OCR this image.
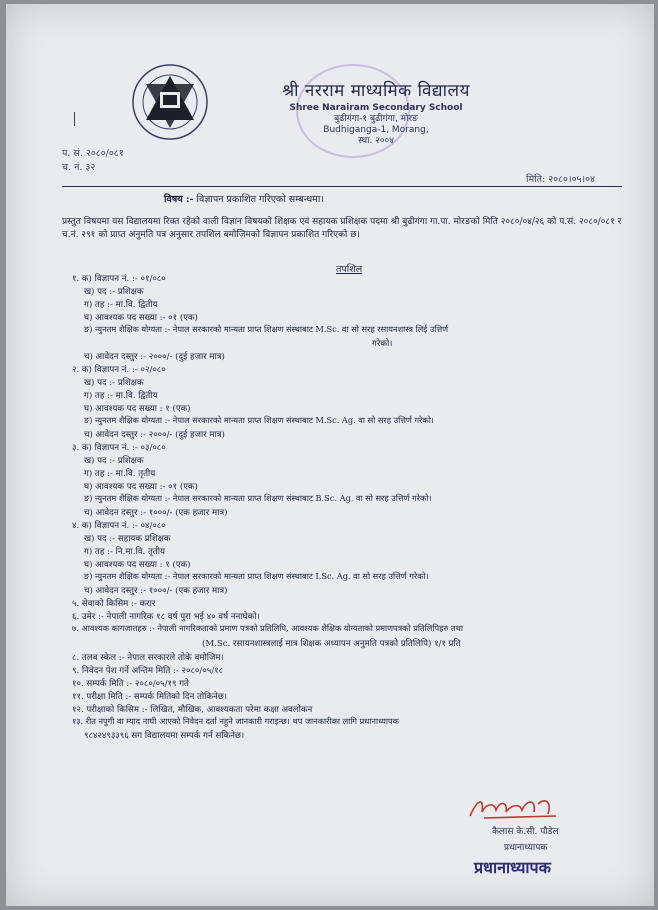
श्री नरराम माध्यमिक विद्यालय
Shree Narairam Secondary School
बुढीगंगा-१ बुढीगंगा, मोरङ
Budhiganga-1, Morang,
स्था. २००४
प. सं. २०८०/०८१
च. नं. ३२
मिति: २०८०।०५।०४
विषय :- विज्ञापन प्रकाशित गरिएको सम्बन्धमा।
प्रस्तुत विषयमा यस विद्यालयमा रिक्त रहेको वाली विज्ञान विषयको शिक्षक एवं सहायक प्रशिक्षक पदमा श्री बुढीगंगा गा.पा. मोरङको मिति २०८०/०४/२६ को प.सं. २०८०/०८१ र च.नं. २९१ को प्राप्त अनुमति पत्र अनुसार तपशिल बमोजिमको विज्ञापन प्रकाशित गरिएको छ।
तपशिल
१. क) विज्ञापन नं. :- ०१/०८०
ख) पद :- प्रशिक्षक
ग) तह :- मा.वि. द्वितीय
घ) आवश्यक पद सख्या :- ०१ (एक)
ङ) न्युनतम शैक्षिक योग्यता :- नेपाल सरकारको मान्यता प्राप्त शिक्षण संस्थाबाट M.Sc. वा सो सरह रसायनशास्त्र लिई उत्तिर्ण
गरेको।
च) आवेदन दस्तुर :- २०००/- (दुई हजार मात्र)
२. क) विज्ञापन नं. :- ०२/०८०
ख) पद :- प्रशिक्षक
ग) तह :- मा.वि. द्वितीय
घ) आवश्यक पद सख्या : १ (एक)
ङ) न्युनतम शैक्षिक योग्यता :- नेपाल सरकारको मान्यता प्राप्त शिक्षण संस्थाबाट M.Sc. Ag. वा सो सरह उत्तिर्ण गरेको।
च) आवेदन दस्तुर :- २०००/- (दुई हजार मात्र)
३. क) विज्ञापन नं. :- ०३/०८०
ख) पद :- प्रशिक्षक
ग) तह :- मा.वि. तृतीय
घ) आवश्यक पद सख्या :- ०१ (एक)
ङ) न्युनतम शैक्षिक योग्यता :- नेपाल सरकारको मान्यता प्राप्त शिक्षण संस्थाबाट B.Sc. Ag. वा सो सरह उत्तिर्ण गरेको।
च) आवेदन दस्तुर :- १०००/- (एक हजार मात्र)
४. क) विज्ञापन नं. :- ०४/०८०
ख) पद :- सहायक प्रशिक्षक
ग) तह :- नि.मा.वि. तृतीय
घ) आवश्यक पद सख्या : १ (एक)
ङ) न्युनतम शैक्षिक योग्यता :- नेपाल सरकारको मान्यता प्राप्त शिक्षण संस्थाबाट I.Sc. Ag. वा सो सरह उत्तिर्ण गरेको।
च) आवेदन दस्तुर :- १०००/- (एक हजार मात्र)
५. सेवाको किसिम :- करार
६. उमेर :- नेपाली नागरिक १८ वर्ष पुरा भई ४० वर्ष ननाघेको।
७. आवश्यक कागजातहरु :- नेपाली नागरिकताको प्रमाण पत्रको प्रतिलिपि, आवश्यक शैक्षिक योग्यताको प्रमाणपत्रको प्रतिलिपिहरु तथा
(M.Sc. रसायनशास्त्रलाई मात्र शिक्षक अध्यापन अनुमति पत्रको प्रतिलिपि) १/१ प्रति
८. तलब स्केल :- नेपाल सरकारले तोके बमोजिम।
९. निवेदन पेश गर्ने अन्तिम मिति :- २०८०/०५/१८
१०. सम्पर्क मिति :- २०८०/०५/१९ गते
११. परीक्षा मिति :- सम्पर्क मितिको दिन तोकिनेछ।
१२. परीक्षाको किसिम :- लिखित, मौखिक, आवश्यकता परेमा कक्षा अवलोकन
१३. रीत नपुगी वा म्याद नाघी आएको निवेदन दर्ता नहुने जानकारी गराइन्छ। थप जानकारीका लागि प्रधानाध्यापक
९८४२४९३३९६ सग विद्यालयमा सम्पर्क गर्न सकिनेछ।
कैलास के.सी. पौडेल
प्रधानाध्यापक
प्रधानाध्यापक
